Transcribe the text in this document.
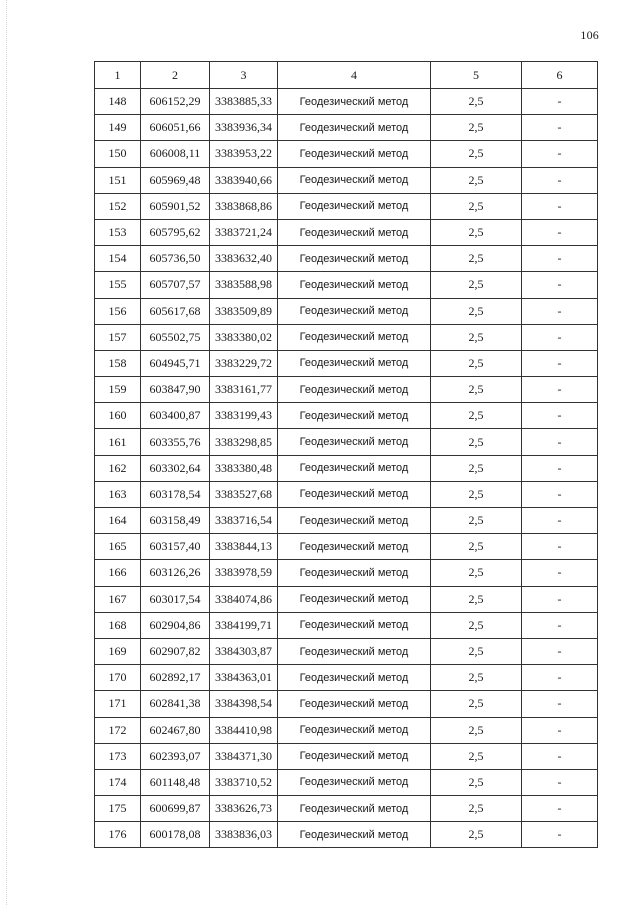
106
1	2	3	4	5	6
148	606152,29	3383885,33	Геодезический метод	2,5	-
149	606051,66	3383936,34	Геодезический метод	2,5	-
150	606008,11	3383953,22	Геодезический метод	2,5	-
151	605969,48	3383940,66	Геодезический метод	2,5	-
152	605901,52	3383868,86	Геодезический метод	2,5	-
153	605795,62	3383721,24	Геодезический метод	2,5	-
154	605736,50	3383632,40	Геодезический метод	2,5	-
155	605707,57	3383588,98	Геодезический метод	2,5	-
156	605617,68	3383509,89	Геодезический метод	2,5	-
157	605502,75	3383380,02	Геодезический метод	2,5	-
158	604945,71	3383229,72	Геодезический метод	2,5	-
159	603847,90	3383161,77	Геодезический метод	2,5	-
160	603400,87	3383199,43	Геодезический метод	2,5	-
161	603355,76	3383298,85	Геодезический метод	2,5	-
162	603302,64	3383380,48	Геодезический метод	2,5	-
163	603178,54	3383527,68	Геодезический метод	2,5	-
164	603158,49	3383716,54	Геодезический метод	2,5	-
165	603157,40	3383844,13	Геодезический метод	2,5	-
166	603126,26	3383978,59	Геодезический метод	2,5	-
167	603017,54	3384074,86	Геодезический метод	2,5	-
168	602904,86	3384199,71	Геодезический метод	2,5	-
169	602907,82	3384303,87	Геодезический метод	2,5	-
170	602892,17	3384363,01	Геодезический метод	2,5	-
171	602841,38	3384398,54	Геодезический метод	2,5	-
172	602467,80	3384410,98	Геодезический метод	2,5	-
173	602393,07	3384371,30	Геодезический метод	2,5	-
174	601148,48	3383710,52	Геодезический метод	2,5	-
175	600699,87	3383626,73	Геодезический метод	2,5	-
176	600178,08	3383836,03	Геодезический метод	2,5	-
